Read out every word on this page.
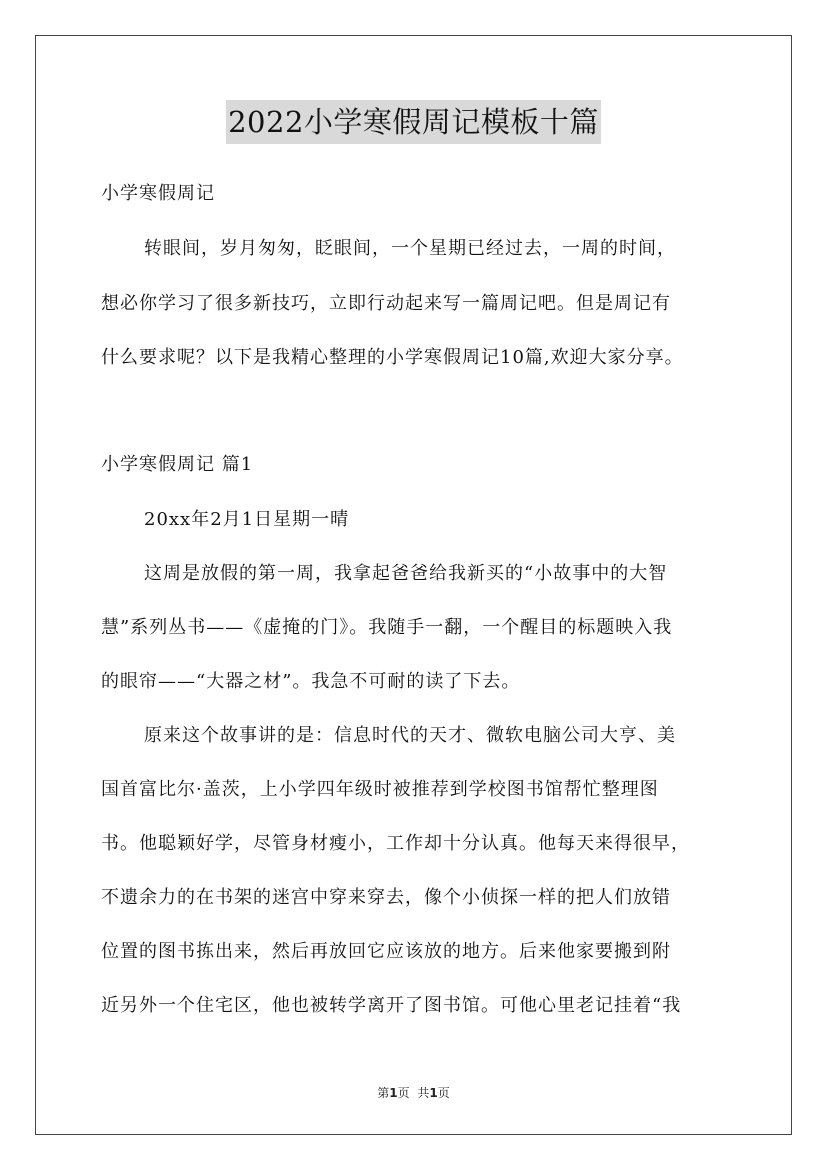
2022小学寒假周记模板十篇
小学寒假周记
转眼间，岁月匆匆，眨眼间，一个星期已经过去，一周的时间，
想必你学习了很多新技巧，立即行动起来写一篇周记吧。但是周记有
什么要求呢？以下是我精心整理的小学寒假周记10篇,欢迎大家分享。
小学寒假周记 篇1
20xx年2月1日星期一晴
这周是放假的第一周，我拿起爸爸给我新买的“小故事中的大智
慧”系列丛书——《虚掩的门》。我随手一翻，一个醒目的标题映入我
的眼帘——“大器之材”。我急不可耐的读了下去。
原来这个故事讲的是：信息时代的天才、微软电脑公司大亨、美
国首富比尔·盖茨，上小学四年级时被推荐到学校图书馆帮忙整理图
书。他聪颖好学，尽管身材瘦小，工作却十分认真。他每天来得很早，
不遗余力的在书架的迷宫中穿来穿去，像个小侦探一样的把人们放错
位置的图书拣出来，然后再放回它应该放的地方。后来他家要搬到附
近另外一个住宅区，他也被转学离开了图书馆。可他心里老记挂着“我
第1页 共1页
